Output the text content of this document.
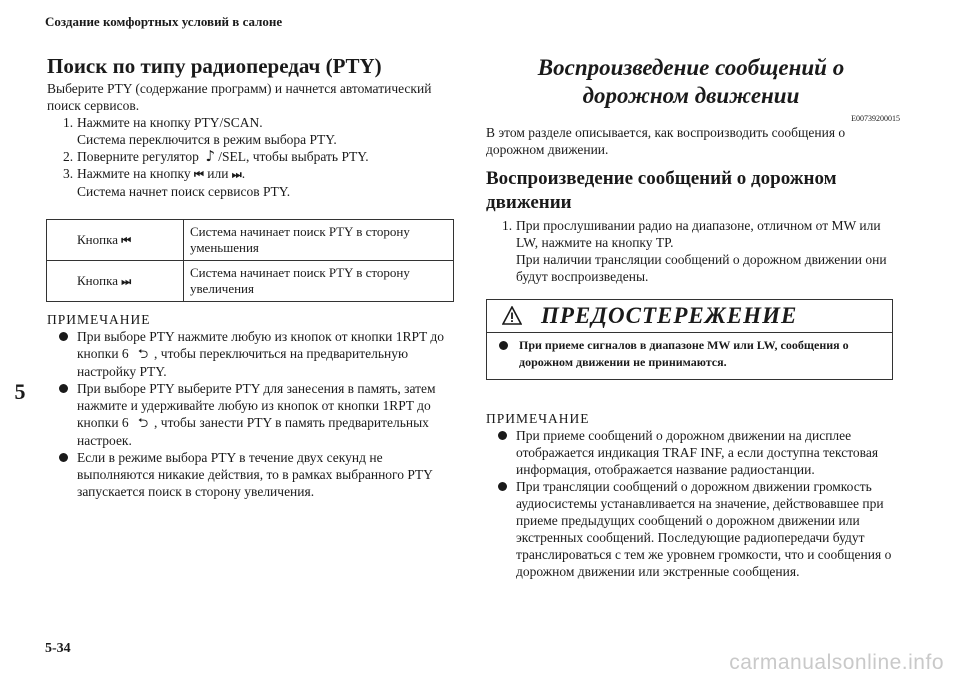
Создание комфортных условий в салоне
5
Поиск по типу радиопередач (PTY)

Выберите PTY (содержание программ) и начнется автоматический поиск сервисов.

1. Нажмите на кнопку PTY/SCAN.
Система переключится в режим выбора PTY.
2. Поверните регулятор ♪ /SEL, чтобы выбрать PTY.
3. Нажмите на кнопку ⏮ или ⏭.
Система начнет поиск сервисов PTY.
Кнопка ⏮	Система начинает поиск PTY в сторону уменьшения
Кнопка ⏭	Система начинает поиск PTY в сторону увеличения
ПРИМЕЧАНИЕ
При выборе PTY нажмите любую из кнопок от кнопки 1RPT до кнопки 6 ⮌ , чтобы переключиться на предварительную настройку PTY.
При выборе PTY выберите PTY для занесения в память, затем нажмите и удерживайте любую из кнопок от кнопки 1RPT до кнопки 6 ⮌ , чтобы занести PTY в память предварительных настроек.
Если в режиме выбора PTY в течение двух секунд не выполняются никакие действия, то в рамках выбранного PTY запускается поиск в сторону увеличения.
Воспроизведение сообщений о дорожном движении
E00739200015

В этом разделе описывается, как воспроизводить сообщения о дорожном движении.

Воспроизведение сообщений о дорожном движении
1. При прослушивании радио на диапазоне, отличном от MW или LW, нажмите на кнопку TP.
При наличии трансляции сообщений о дорожном движении они будут воспроизведены.
ПРЕДОСТЕРЕЖЕНИЕ
При приеме сигналов в диапазоне MW или LW, сообщения о дорожном движении не принимаются.
ПРИМЕЧАНИЕ
При приеме сообщений о дорожном движении на дисплее отображается индикация TRAF INF, а если доступна текстовая информация, отображается название радиостанции.
При трансляции сообщений о дорожном движении громкость аудиосистемы устанавливается на значение, действовавшее при приеме предыдущих сообщений о дорожном движении или экстренных сообщений. Последующие радиопередачи будут транслироваться с тем же уровнем громкости, что и сообщения о дорожном движении или экстренные сообщения.
5-34
carmanualsonline.info
